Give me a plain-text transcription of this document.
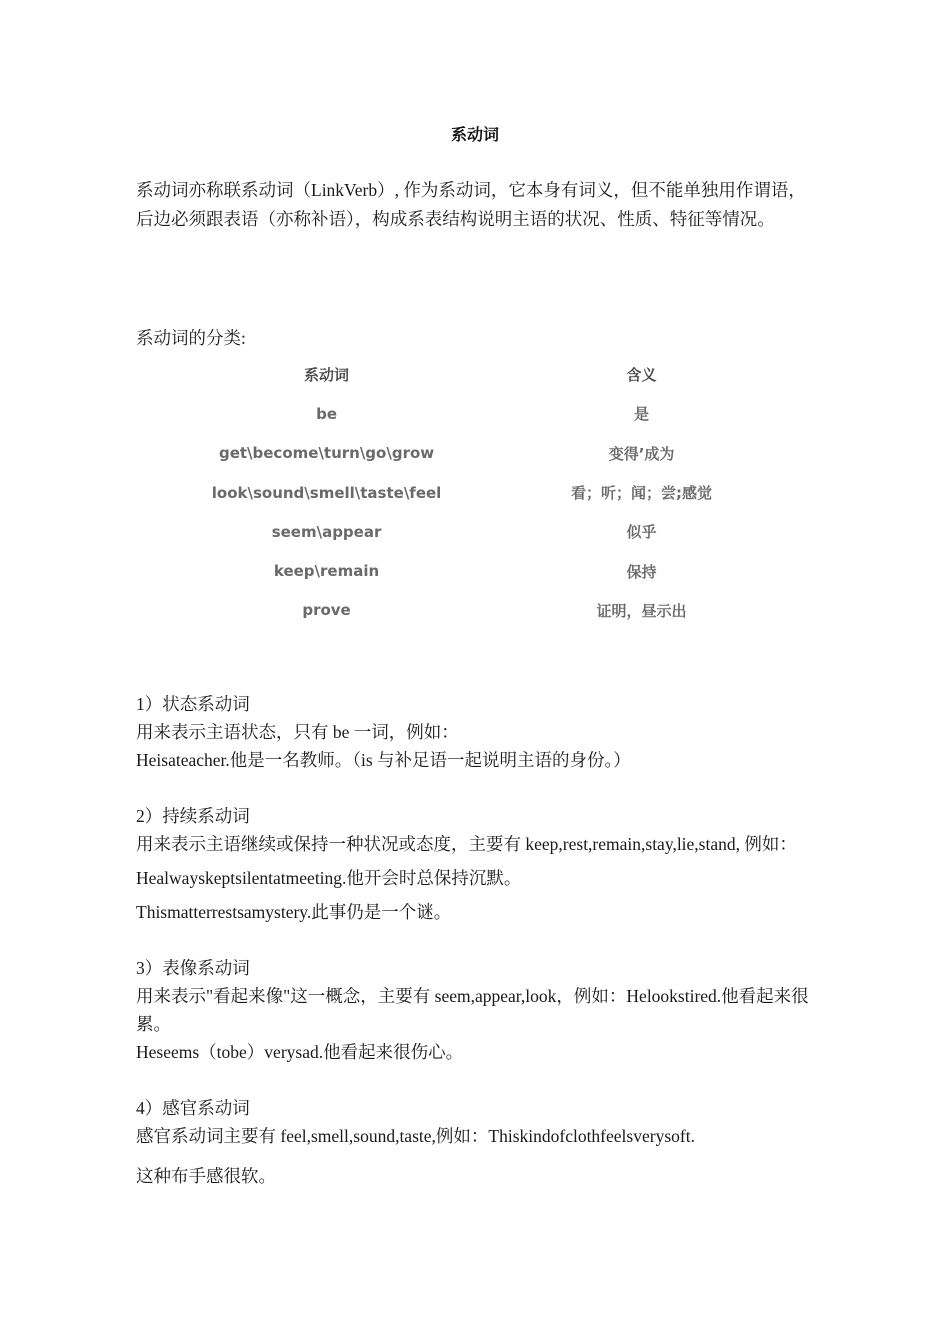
系动词
系动词亦称联系动词（LinkVerb）, 作为系动词，它本身有词义，但不能单独用作谓语，后边必须跟表语（亦称补语），构成系表结构说明主语的状况、性质、特征等情况。
系动词的分类:
系动词	含义
be	是
get\become\turn\go\grow	变得’成为
look\sound\smell\taste\feel	看；听；闻；尝;感觉
seem\appear	似乎
keep\remain	保持
prove	证明，昼示出
1）状态系动词
用来表示主语状态，只有 be 一词，例如：
Heisateacher.他是一名教师。（is 与补足语一起说明主语的身份。）
2）持续系动词
用来表示主语继续或保持一种状况或态度，主要有 keep,rest,remain,stay,lie,stand, 例如：
Healwayskeptsilentatmeeting.他开会时总保持沉默。
Thismatterrestsamystery.此事仍是一个谜。
3）表像系动词
用来表示"看起来像"这一概念，主要有 seem,appear,look，例如：Helookstired.他看起来很累。
Heseems（tobe）verysad.他看起来很伤心。
4）感官系动词
感官系动词主要有 feel,smell,sound,taste,例如：Thiskindofclothfeelsverysoft.
这种布手感很软。
